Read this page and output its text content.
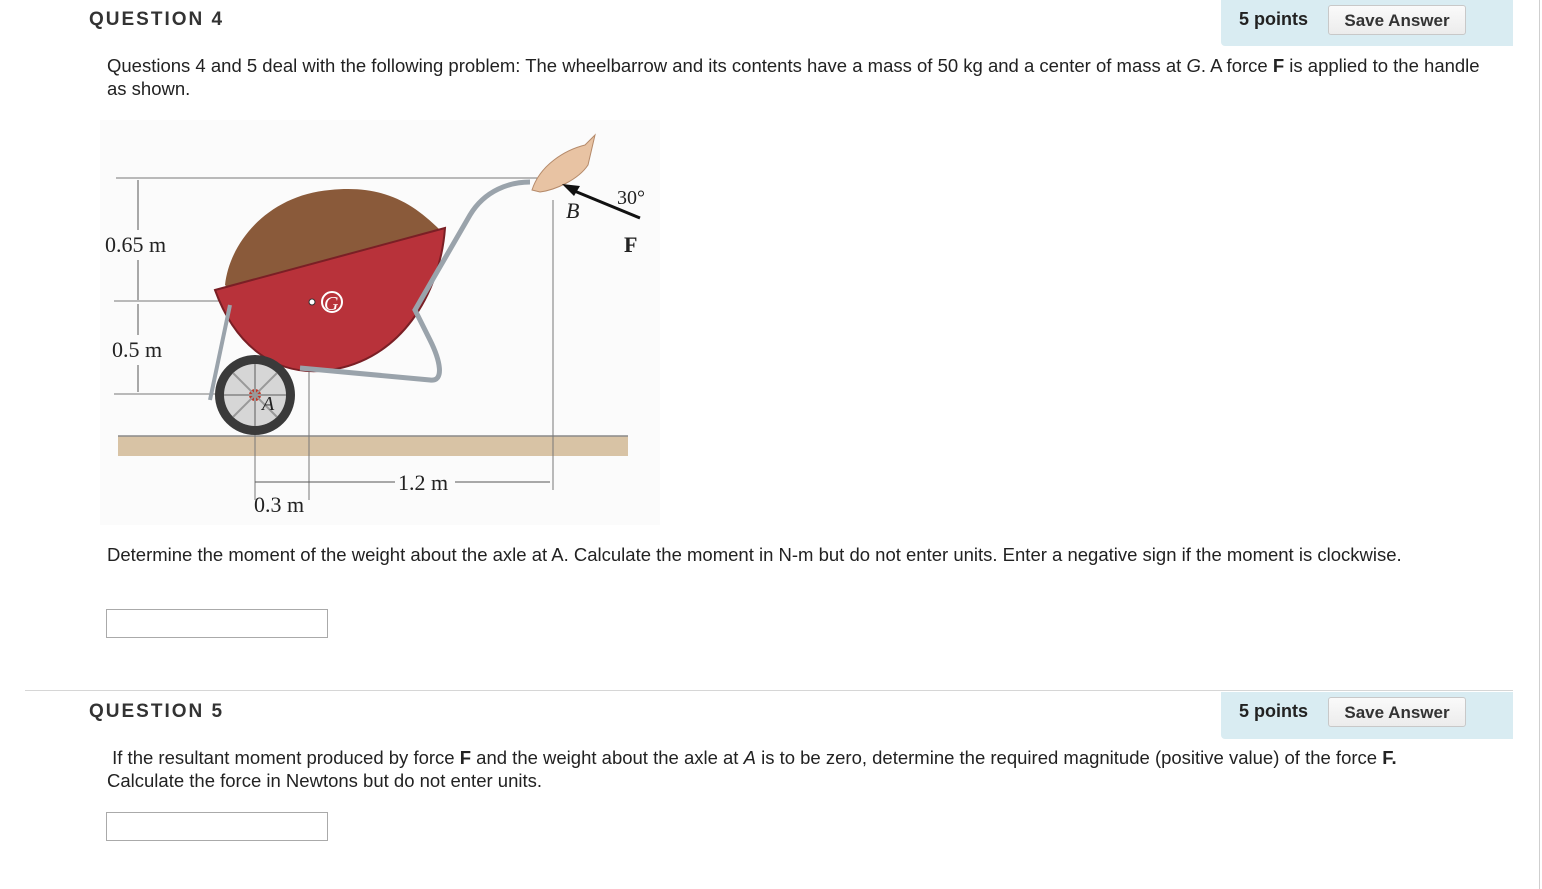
QUESTION 4	5 points	Save Answer
Questions 4 and 5 deal with the following problem: The wheelbarrow and its contents have a mass of 50 kg and a center of mass at G. A force F is applied to the handle as shown.
0.65 m
0.5 m
0.3 m
1.2 m
30°
B
F
G
A
Determine the moment of the weight about the axle at A. Calculate the moment in N-m but do not enter units. Enter a negative sign if the moment is clockwise.
QUESTION 5	5 points	Save Answer
If the resultant moment produced by force F and the weight about the axle at A is to be zero, determine the required magnitude (positive value) of the force F.
Calculate the force in Newtons but do not enter units.
